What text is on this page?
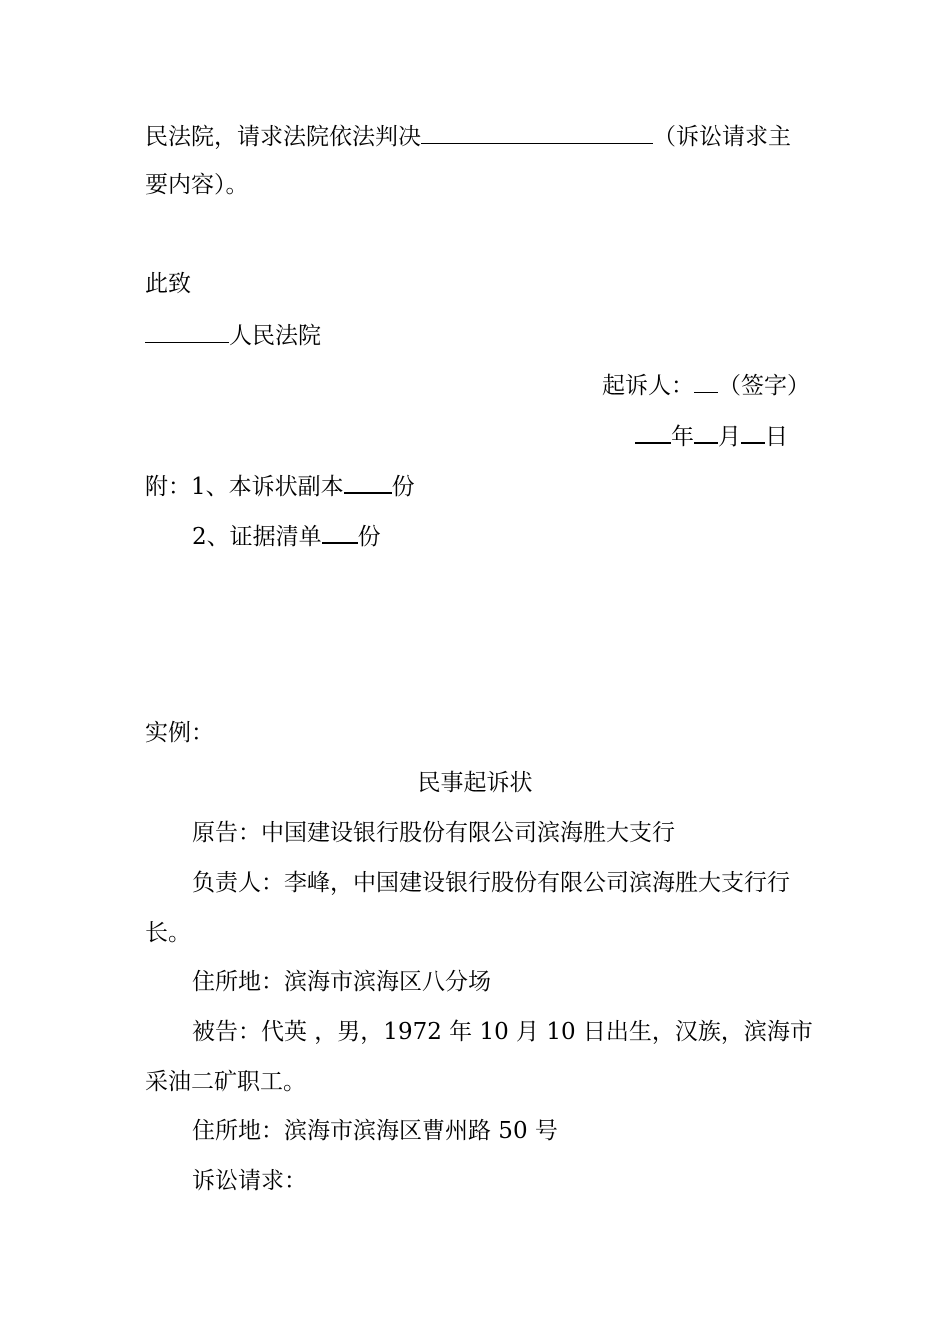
民法院，请求法院依法判决	（诉讼请求主
要内容）。
此致
人民法院
起诉人： （签字）
年 月 日
附：1、本诉状副本 份
2、证据清单 份
实例：
民事起诉状
原告：中国建设银行股份有限公司滨海胜大支行
负责人：李峰，中国建设银行股份有限公司滨海胜大支行行
长。
住所地：滨海市滨海区八分场
被告：代英 ，男，1972 年 10 月 10 日出生，汉族，滨海市
采油二矿职工。
住所地：滨海市滨海区曹州路 50 号
诉讼请求：
